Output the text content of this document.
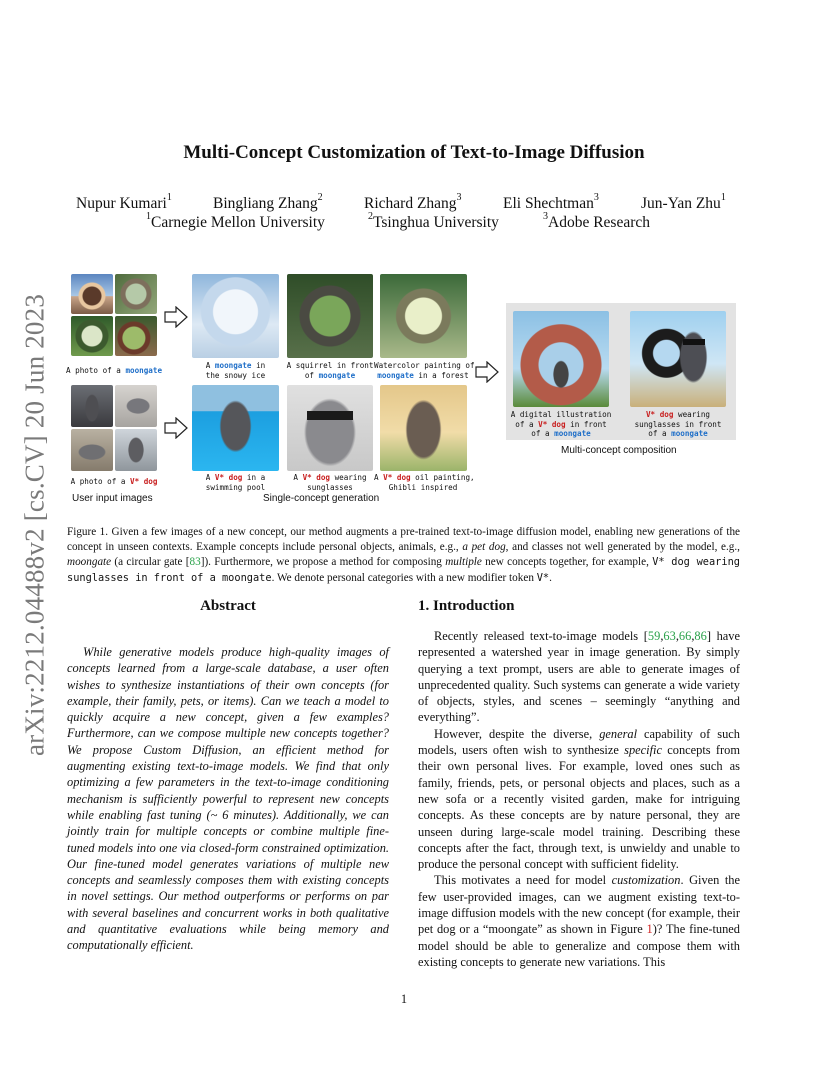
arXiv:2212.04488v2 [cs.CV] 20 Jun 2023
Multi-Concept Customization of Text-to-Image Diffusion
Nupur Kumari$^1$	Bingliang Zhang$^2$	Richard Zhang$^3$	Eli Shechtman$^3$	Jun-Yan Zhu$^1$
$^1$Carnegie Mellon University	$^2$Tsinghua University	$^3$Adobe Research
A photo of a moongate
A photo of a V* dog
A moongate in
the snowy ice
A squirrel in front
of moongate
Watercolor painting of
moongate in a forest
A V* dog in a
swimming pool
A V* dog wearing
sunglasses
A V* dog oil painting,
Ghibli inspired
A digital illustration
of a V* dog in front
of a moongate
V* dog wearing
sunglasses in front
of a moongate
User input images	Single-concept generation
Multi-concept composition
Figure 1. Given a few images of a new concept, our method augments a pre-trained text-to-image diffusion model, enabling new generations of the concept in unseen contexts. Example concepts include personal objects, animals, e.g., a pet dog, and classes not well generated by the model, e.g., moongate (a circular gate [83]). Furthermore, we propose a method for composing multiple new concepts together, for example, V* dog wearing sunglasses in front of a moongate. We denote personal categories with a new modifier token V*.
Abstract
While generative models produce high-quality images of concepts learned from a large-scale database, a user often wishes to synthesize instantiations of their own concepts (for example, their family, pets, or items). Can we teach a model to quickly acquire a new concept, given a few examples? Furthermore, can we compose multiple new concepts together? We propose Custom Diffusion, an efficient method for augmenting existing text-to-image models. We find that only optimizing a few parameters in the text-to-image conditioning mechanism is sufficiently powerful to represent new concepts while enabling fast tuning (~ 6 minutes). Additionally, we can jointly train for multiple concepts or combine multiple fine-tuned models into one via closed-form constrained optimization. Our fine-tuned model generates variations of multiple new concepts and seamlessly composes them with existing concepts in novel settings. Our method outperforms or performs on par with several baselines and concurrent works in both qualitative and quantitative evaluations while being memory and computationally efficient.
1. Introduction

Recently released text-to-image models [59,63,66,86] have represented a watershed year in image generation. By simply querying a text prompt, users are able to generate images of unprecedented quality. Such systems can generate a wide variety of objects, styles, and scenes – seemingly “anything and everything”.

However, despite the diverse, general capability of such models, users often wish to synthesize specific concepts from their own personal lives. For example, loved ones such as family, friends, pets, or personal objects and places, such as a new sofa or a recently visited garden, make for intriguing concepts. As these concepts are by nature personal, they are unseen during large-scale model training. Describing these concepts after the fact, through text, is unwieldy and unable to produce the personal concept with sufficient fidelity.

This motivates a need for model customization. Given the few user-provided images, can we augment existing text-to-image diffusion models with the new concept (for example, their pet dog or a “moongate” as shown in Figure 1)? The fine-tuned model should be able to generalize and compose them with existing concepts to generate new variations. This

1
